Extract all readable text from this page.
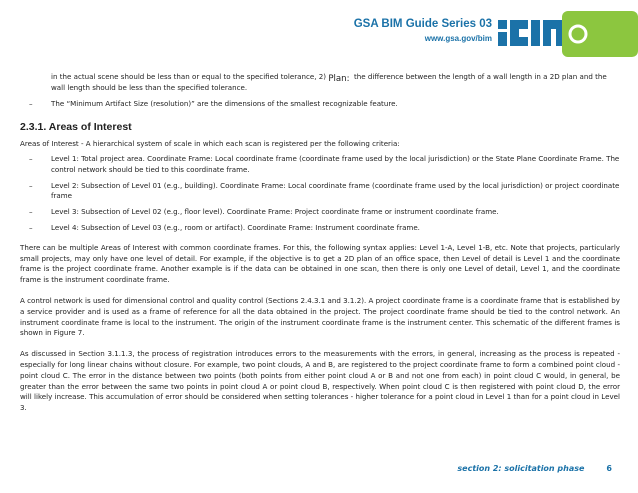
GSA BIM Guide Series 03
www.gsa.gov/bim
in the actual scene should be less than or equal to the specified tolerance, 2) Plan: the difference between the length of a wall length in a 2D plan and the wall length should be less than the specified tolerance.
–	The “Minimum Artifact Size (resolution)” are the dimensions of the smallest recognizable feature.
2.3.1. Areas of Interest
Areas of Interest - A hierarchical system of scale in which each scan is registered per the following criteria:
–	Level 1: Total project area. Coordinate Frame: Local coordinate frame (coordinate frame used by the local jurisdiction) or the State Plane Coordinate Frame. The control network should be tied to this coordinate frame.
–	Level 2: Subsection of Level 01 (e.g., building). Coordinate Frame: Local coordinate frame (coordinate frame used by the local jurisdiction) or project coordinate frame
–	Level 3: Subsection of Level 02 (e.g., floor level). Coordinate Frame: Project coordinate frame or instrument coordinate frame.
–	Level 4: Subsection of Level 03 (e.g., room or artifact). Coordinate Frame: Instrument coordinate frame.
There can be multiple Areas of Interest with common coordinate frames. For this, the following syntax applies: Level 1-A, Level 1-B, etc. Note that projects, particularly small projects, may only have one level of detail. For example, if the objective is to get a 2D plan of an office space, then Level of detail is Level 1 and the coordinate frame is the project coordinate frame. Another example is if the data can be obtained in one scan, then there is only one Level of detail, Level 1, and the coordinate frame is the instrument coordinate frame.
A control network is used for dimensional control and quality control (Sections 2.4.3.1 and 3.1.2). A project coordinate frame is a coordinate frame that is established by a service provider and is used as a frame of reference for all the data obtained in the project. The project coordinate frame should be tied to the control network. An instrument coordinate frame is local to the instrument. The origin of the instrument coordinate frame is the instrument center. This schematic of the different frames is shown in Figure 7.
As discussed in Section 3.1.1.3, the process of registration introduces errors to the measurements with the errors, in general, increasing as the process is repeated - especially for long linear chains without closure. For example, two point clouds, A and B, are registered to the project coordinate frame to form a combined point cloud - point cloud C. The error in the distance between two points (both points from either point cloud A or B and not one from each) in point cloud C would, in general, be greater than the error between the same two points in point cloud A or point cloud B, respectively. When point cloud C is then registered with point cloud D, the error will likely increase. This accumulation of error should be considered when setting tolerances - higher tolerance for a point cloud in Level 1 than for a point cloud in Level 3.
section 2: solicitation phase	6
